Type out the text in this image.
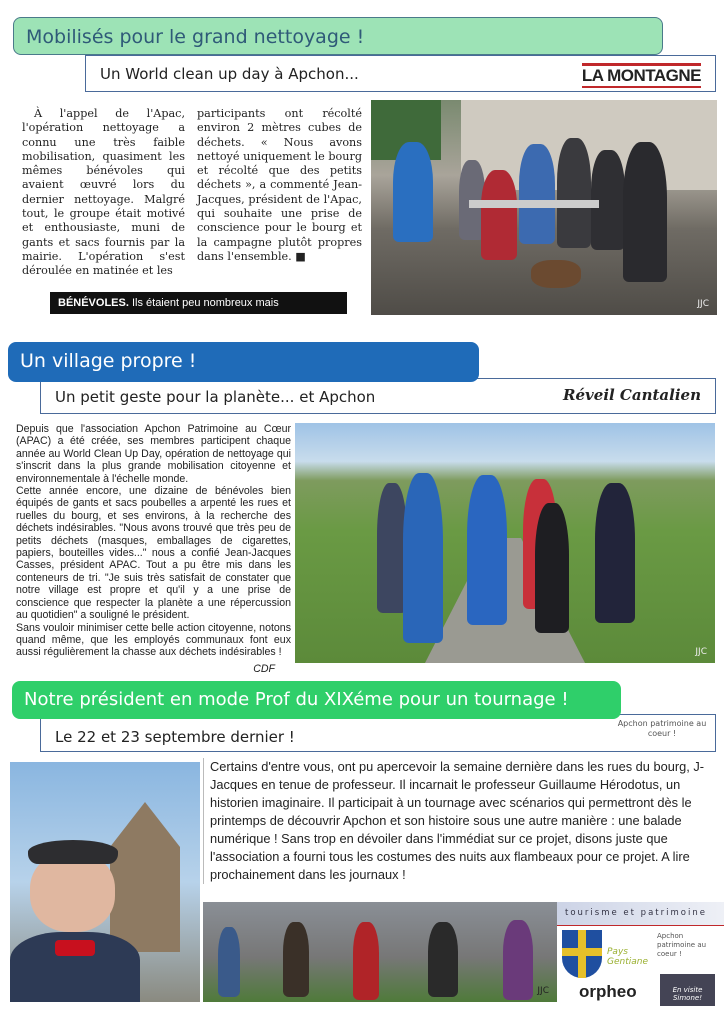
Mobilisés pour le grand nettoyage !
Un World clean up day à Apchon...	LA MONTAGNE
À l'appel de l'Apac, l'opération nettoyage a connu une très faible mobilisation, quasiment les mêmes bénévoles qui avaient œuvré lors du dernier nettoyage. Malgré tout, le groupe était motivé et enthousiaste, muni de gants et sacs fournis par la mairie. L'opération s'est déroulée en matinée et les
participants ont récolté environ 2 mètres cubes de déchets. « Nous avons nettoyé uniquement le bourg et récolté que des petits déchets », a commenté Jean-Jacques, président de l'Apac, qui souhaite une prise de conscience pour le bourg et la campagne plutôt propres dans l'ensemble. ■
BÉNÉVOLES. Ils étaient peu nombreux mais enthousiastes.
JJC
Un village propre !
Un petit geste pour la planète... et Apchon	Réveil Cantalien

Depuis que l'association Apchon Patrimoine au Cœur (APAC) a été créée, ses membres participent chaque année au World Clean Up Day, opération de nettoyage qui s'inscrit dans la plus grande mobilisation citoyenne et environnementale à l'échelle monde.

Cette année encore, une dizaine de bénévoles bien équipés de gants et sacs poubelles a arpenté les rues et ruelles du bourg, et ses environs, à la recherche des déchets indésirables. "Nous avons trouvé que très peu de petits déchets (masques, emballages de cigarettes, papiers, bouteilles vides..." nous a confié Jean-Jacques Casses, président APAC. Tout a pu être mis dans les conteneurs de tri. "Je suis très satisfait de constater que notre village est propre et qu'il y a une prise de conscience que respecter la planète a une répercussion au quotidien" a souligné le président.

Sans vouloir minimiser cette belle action citoyenne, notons quand même, que les employés communaux font eux aussi régulièrement la chasse aux déchets indésirables !

CDF

JJC
Notre président en mode Prof du XIXéme pour un tournage !
Le 22 et 23 septembre dernier !
Apchon patrimoine au coeur !
Certains d'entre vous, ont pu apercevoir la semaine dernière dans les rues du bourg, J-Jacques en tenue de professeur. Il incarnait le professeur Guillaume Hérodotus, un historien imaginaire. Il participait à un tournage avec scénarios qui permettront dès le printemps de découvrir Apchon et son histoire sous une autre manière : une balade numérique ! Sans trop en dévoiler dans l'immédiat sur ce projet, disons juste que l'association a fourni tous les costumes des nuits aux flambeaux pour ce projet. A lire prochainement dans les journaux !
JJC
tourisme et patrimoine
Pays Gentiane
Apchon patrimoine au coeur !
orpheo	En visite Simone!
